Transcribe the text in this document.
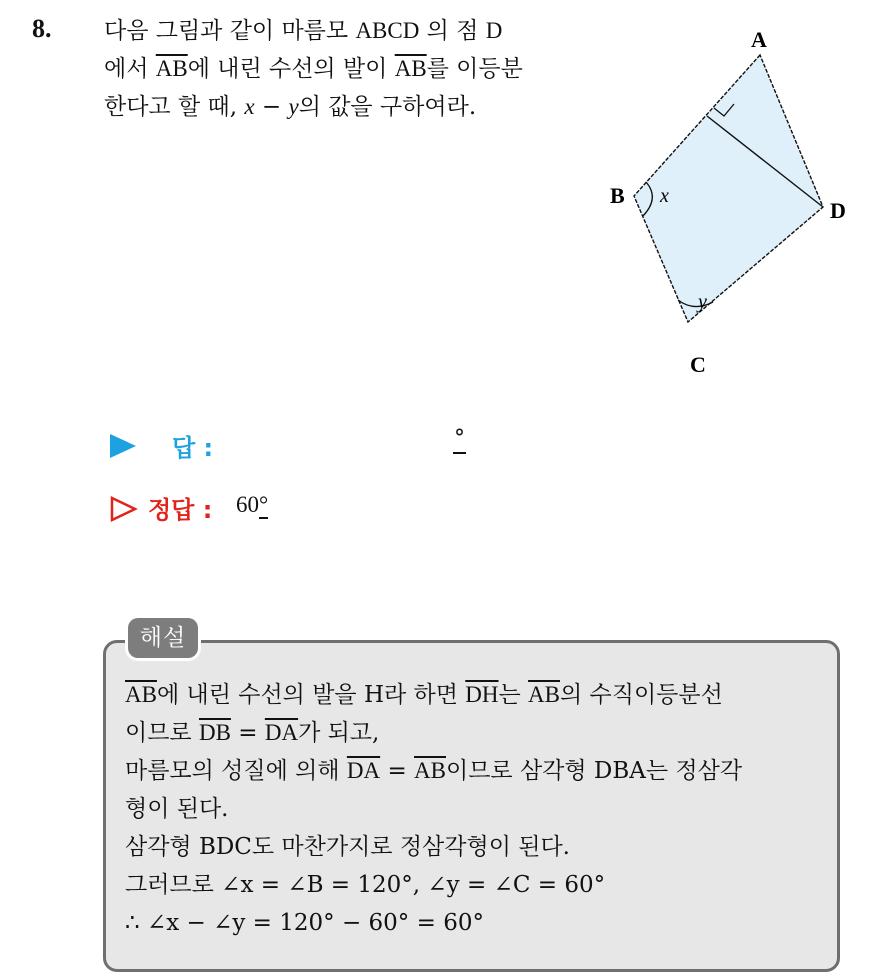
8. 다음 그림과 같이 마름모 ABCD 의 점 D
에서 $\overline{AB}$에 내린 수선의 발이 $\overline{AB}$를 이등분
한다고 할 때, x − y의 값을 구하여라.
A
B
C
D
x
y
답 :	°
정답 : 60°
해설
$\overline{AB}$에 내린 수선의 발을 H라 하면 $\overline{DH}$는 $\overline{AB}$의 수직이등분선
이므로 $\overline{DB} = \overline{DA}$가 되고,
마름모의 성질에 의해 $\overline{DA} = \overline{AB}$이므로 삼각형 DBA는 정삼각
형이 된다.
삼각형 BDC도 마찬가지로 정삼각형이 된다.
그러므로 ∠x = ∠B = 120°, ∠y = ∠C = 60°
∴ ∠x − ∠y = 120° − 60° = 60°
